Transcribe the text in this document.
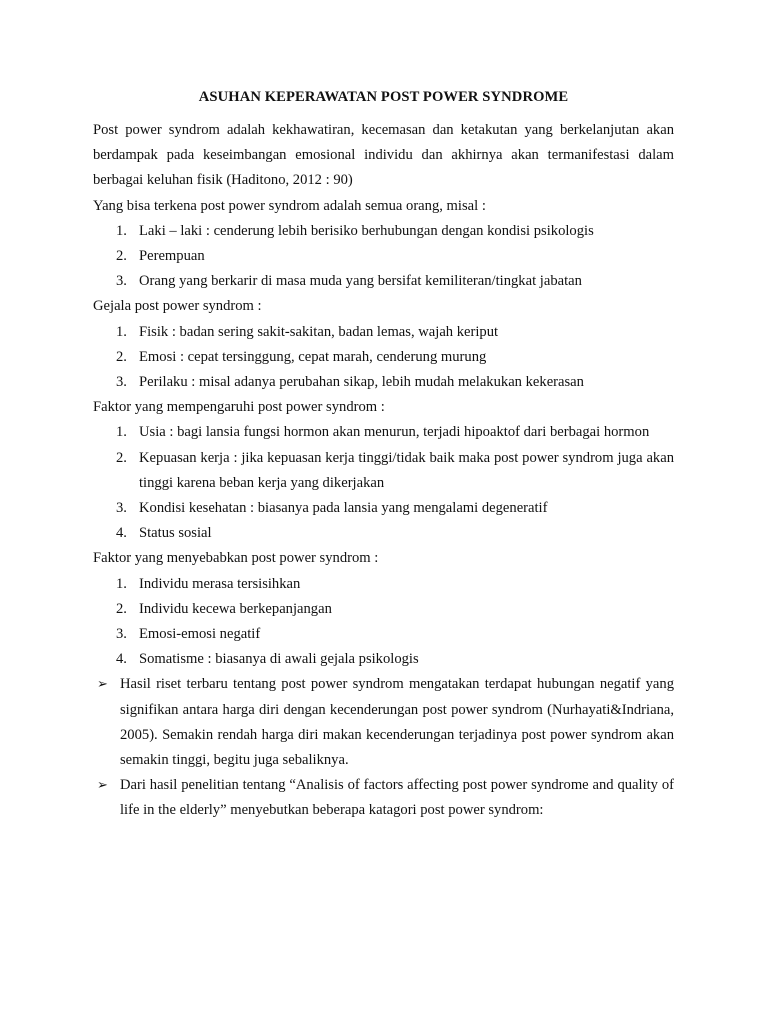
ASUHAN KEPERAWATAN POST POWER SYNDROME

Post power syndrom adalah kekhawatiran, kecemasan dan ketakutan yang berkelanjutan akan berdampak pada keseimbangan emosional individu dan akhirnya akan termanifestasi dalam berbagai keluhan fisik (Haditono, 2012 : 90)

Yang bisa terkena post power syndrom adalah semua orang, misal :

1. Laki – laki : cenderung lebih berisiko berhubungan dengan kondisi psikologis
2. Perempuan
3. Orang yang berkarir di masa muda yang bersifat kemiliteran/tingkat jabatan

Gejala post power syndrom :

1. Fisik : badan sering sakit-sakitan, badan lemas, wajah keriput
2. Emosi : cepat tersinggung, cepat marah, cenderung murung
3. Perilaku : misal adanya perubahan sikap, lebih mudah melakukan kekerasan

Faktor yang mempengaruhi post power syndrom :

1. Usia : bagi lansia fungsi hormon akan menurun, terjadi hipoaktof dari berbagai hormon
2. Kepuasan kerja : jika kepuasan kerja tinggi/tidak baik maka post power syndrom juga akan tinggi karena beban kerja yang dikerjakan
3. Kondisi kesehatan : biasanya pada lansia yang mengalami degeneratif
4. Status sosial

Faktor yang menyebabkan post power syndrom :

1. Individu merasa tersisihkan
2. Individu kecewa berkepanjangan
3. Emosi-emosi negatif
4. Somatisme : biasanya di awali gejala psikologis
➢ Hasil riset terbaru tentang post power syndrom mengatakan terdapat hubungan negatif yang signifikan antara harga diri dengan kecenderungan post power syndrom (Nurhayati&Indriana, 2005). Semakin rendah harga diri makan kecenderungan terjadinya post power syndrom akan semakin tinggi, begitu juga sebaliknya.
➢ Dari hasil penelitian tentang “Analisis of factors affecting post power syndrome and quality of life in the elderly” menyebutkan beberapa katagori post power syndrom:
